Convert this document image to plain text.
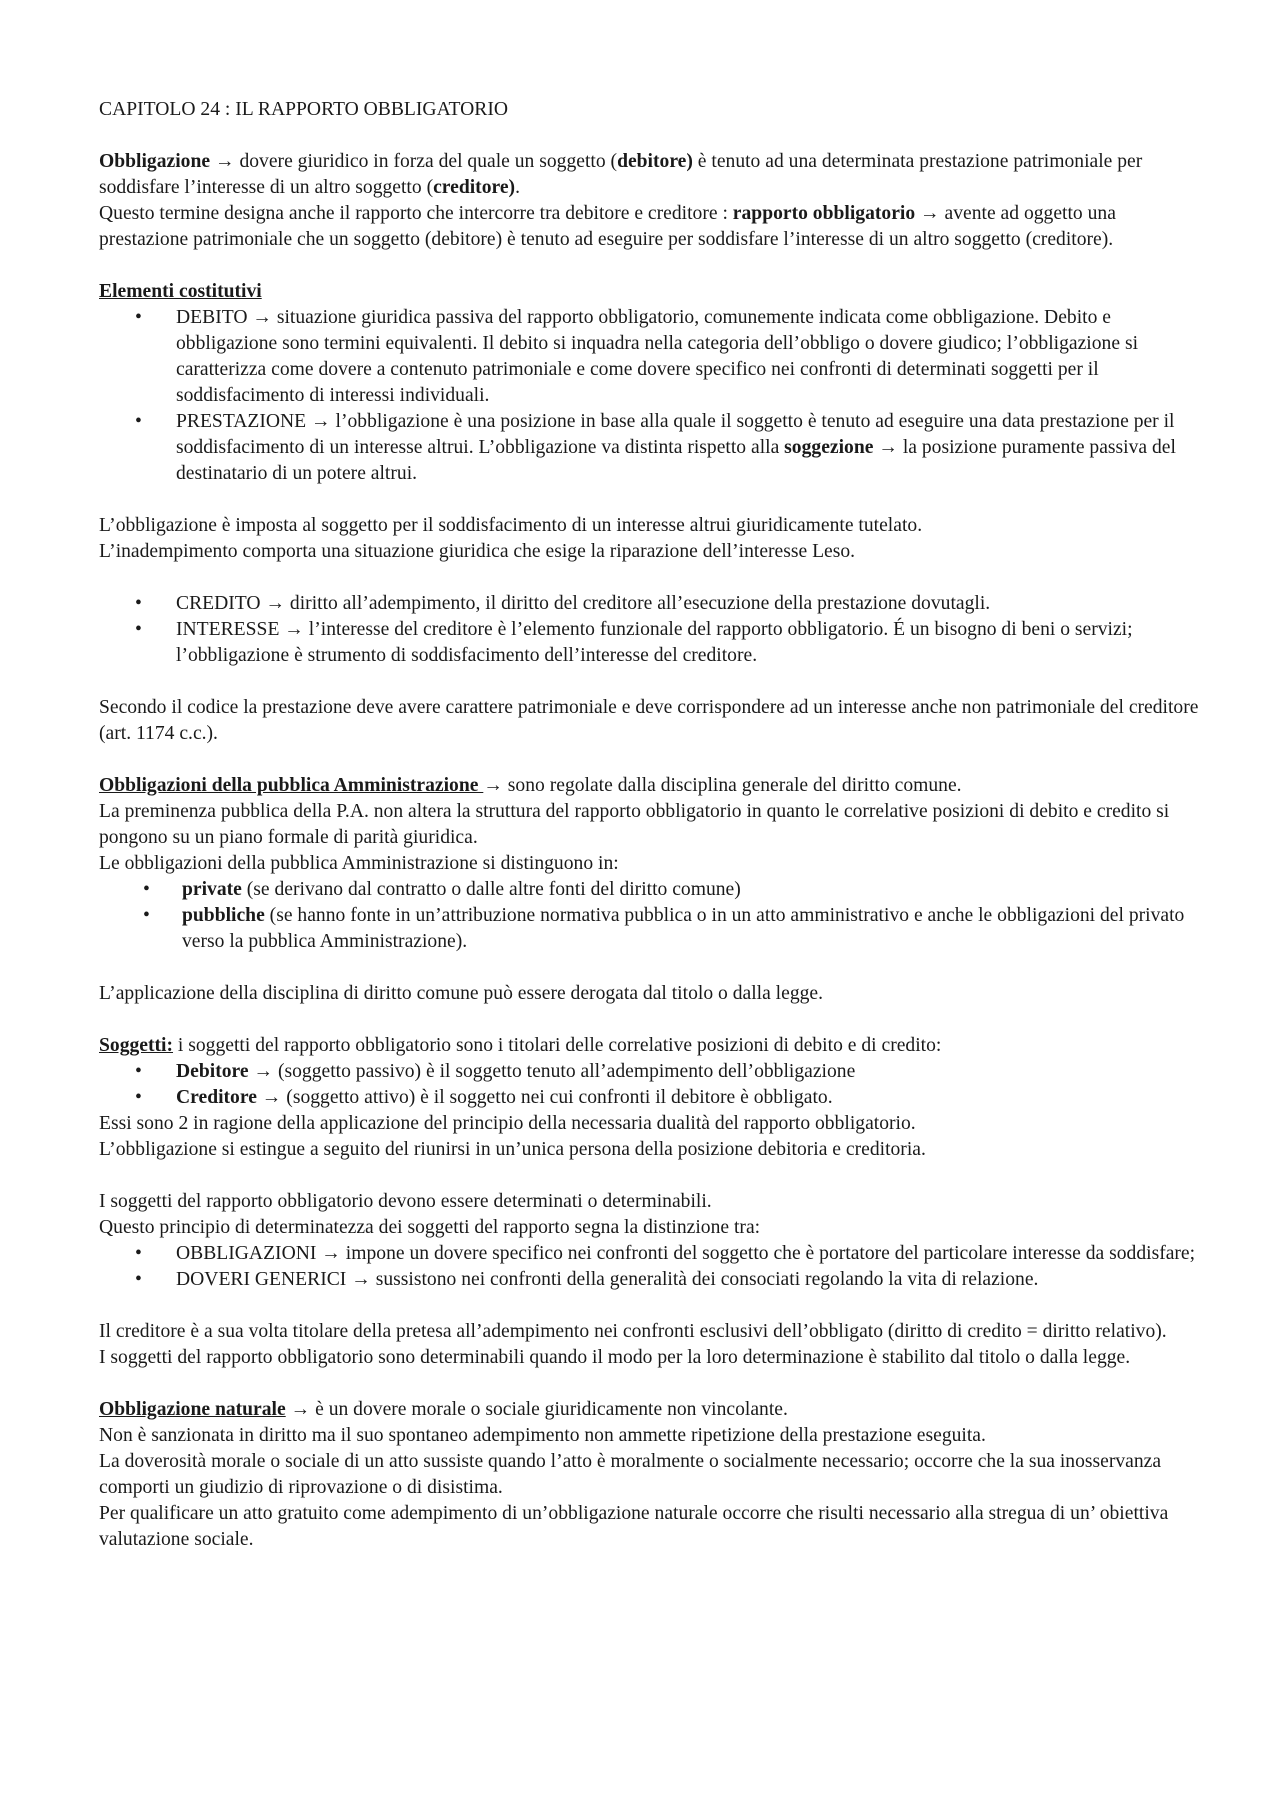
CAPITOLO 24 : IL RAPPORTO OBBLIGATORIO

Obbligazione → dovere giuridico in forza del quale un soggetto (debitore) è tenuto ad una determinata prestazione patrimoniale per soddisfare l’interesse di un altro soggetto (creditore).

Questo termine designa anche il rapporto che intercorre tra debitore e creditore : rapporto obbligatorio → avente ad oggetto una prestazione patrimoniale che un soggetto (debitore) è tenuto ad eseguire per soddisfare l’interesse di un altro soggetto (creditore).

Elementi costitutivi

• DEBITO → situazione giuridica passiva del rapporto obbligatorio, comunemente indicata come obbligazione. Debito e obbligazione sono termini equivalenti. Il debito si inquadra nella categoria dell’obbligo o dovere giudico; l’obbligazione si caratterizza come dovere a contenuto patrimoniale e come dovere specifico nei confronti di determinati soggetti per il soddisfacimento di interessi individuali.
• PRESTAZIONE → l’obbligazione è una posizione in base alla quale il soggetto è tenuto ad eseguire una data prestazione per il soddisfacimento di un interesse altrui. L’obbligazione va distinta rispetto alla soggezione → la posizione puramente passiva del destinatario di un potere altrui.

L’obbligazione è imposta al soggetto per il soddisfacimento di un interesse altrui giuridicamente tutelato.

L’inadempimento comporta una situazione giuridica che esige la riparazione dell’interesse Leso.

• CREDITO → diritto all’adempimento, il diritto del creditore all’esecuzione della prestazione dovutagli.
• INTERESSE → l’interesse del creditore è l’elemento funzionale del rapporto obbligatorio. É un bisogno di beni o servizi; l’obbligazione è strumento di soddisfacimento dell’interesse del creditore.

Secondo il codice la prestazione deve avere carattere patrimoniale e deve corrispondere ad un interesse anche non patrimoniale del creditore (art. 1174 c.c.).

Obbligazioni della pubblica Amministrazione → sono regolate dalla disciplina generale del diritto comune.

La preminenza pubblica della P.A. non altera la struttura del rapporto obbligatorio in quanto le correlative posizioni di debito e credito si pongono su un piano formale di parità giuridica.

Le obbligazioni della pubblica Amministrazione si distinguono in:

• private (se derivano dal contratto o dalle altre fonti del diritto comune)
• pubbliche (se hanno fonte in un’attribuzione normativa pubblica o in un atto amministrativo e anche le obbligazioni del privato verso la pubblica Amministrazione).

L’applicazione della disciplina di diritto comune può essere derogata dal titolo o dalla legge.

Soggetti: i soggetti del rapporto obbligatorio sono i titolari delle correlative posizioni di debito e di credito:

• Debitore → (soggetto passivo) è il soggetto tenuto all’adempimento dell’obbligazione
• Creditore → (soggetto attivo) è il soggetto nei cui confronti il debitore è obbligato.

Essi sono 2 in ragione della applicazione del principio della necessaria dualità del rapporto obbligatorio.

L’obbligazione si estingue a seguito del riunirsi in un’unica persona della posizione debitoria e creditoria.

I soggetti del rapporto obbligatorio devono essere determinati o determinabili.

Questo principio di determinatezza dei soggetti del rapporto segna la distinzione tra:

• OBBLIGAZIONI → impone un dovere specifico nei confronti del soggetto che è portatore del particolare interesse da soddisfare;
• DOVERI GENERICI → sussistono nei confronti della generalità dei consociati regolando la vita di relazione.

Il creditore è a sua volta titolare della pretesa all’adempimento nei confronti esclusivi dell’obbligato (diritto di credito = diritto relativo).

I soggetti del rapporto obbligatorio sono determinabili quando il modo per la loro determinazione è stabilito dal titolo o dalla legge.

Obbligazione naturale → è un dovere morale o sociale giuridicamente non vincolante.

Non è sanzionata in diritto ma il suo spontaneo adempimento non ammette ripetizione della prestazione eseguita.

La doverosità morale o sociale di un atto sussiste quando l’atto è moralmente o socialmente necessario; occorre che la sua inosservanza comporti un giudizio di riprovazione o di disistima.

Per qualificare un atto gratuito come adempimento di un’obbligazione naturale occorre che risulti necessario alla stregua di un’ obiettiva valutazione sociale.
